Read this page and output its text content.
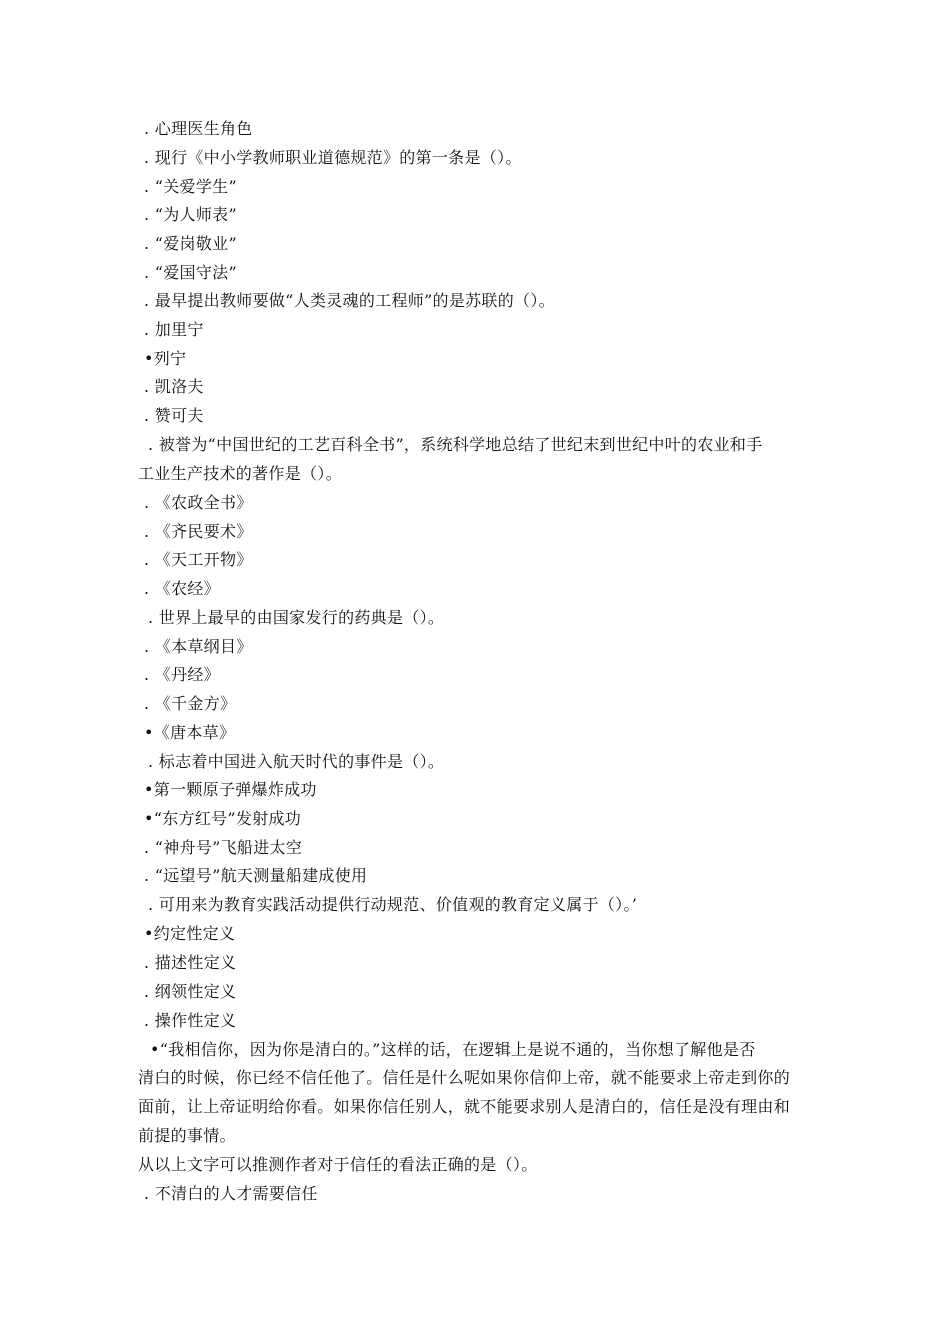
. 心理医生角色
. 现行《中小学教师职业道德规范》的第一条是（）。
. “关爱学生”
. “为人师表”
. “爱岗敬业”
. “爱国守法”
. 最早提出教师要做“人类灵魂的工程师”的是苏联的（）。
. 加里宁
•列宁
. 凯洛夫
. 赞可夫
. 被誉为“中国世纪的工艺百科全书”，系统科学地总结了世纪末到世纪中叶的农业和手
工业生产技术的著作是（）。
. 《农政全书》
. 《齐民要术》
. 《天工开物》
. 《农经》
. 世界上最早的由国家发行的药典是（）。
. 《本草纲目》
. 《丹经》
. 《千金方》
•《唐本草》
. 标志着中国进入航天时代的事件是（）。
•第一颗原子弹爆炸成功
•“东方红号”发射成功
. “神舟号”飞船进太空
. “远望号”航天测量船建成使用
. 可用来为教育实践活动提供行动规范、价值观的教育定义属于（）。’
•约定性定义
. 描述性定义
. 纲领性定义
. 操作性定义
•“我相信你，因为你是清白的。”这样的话，在逻辑上是说不通的，当你想了解他是否
清白的时候，你已经不信任他了。信任是什么呢如果你信仰上帝，就不能要求上帝走到你的
面前，让上帝证明给你看。如果你信任别人，就不能要求别人是清白的，信任是没有理由和
前提的事情。
从以上文字可以推测作者对于信任的看法正确的是（）。
. 不清白的人才需要信任
